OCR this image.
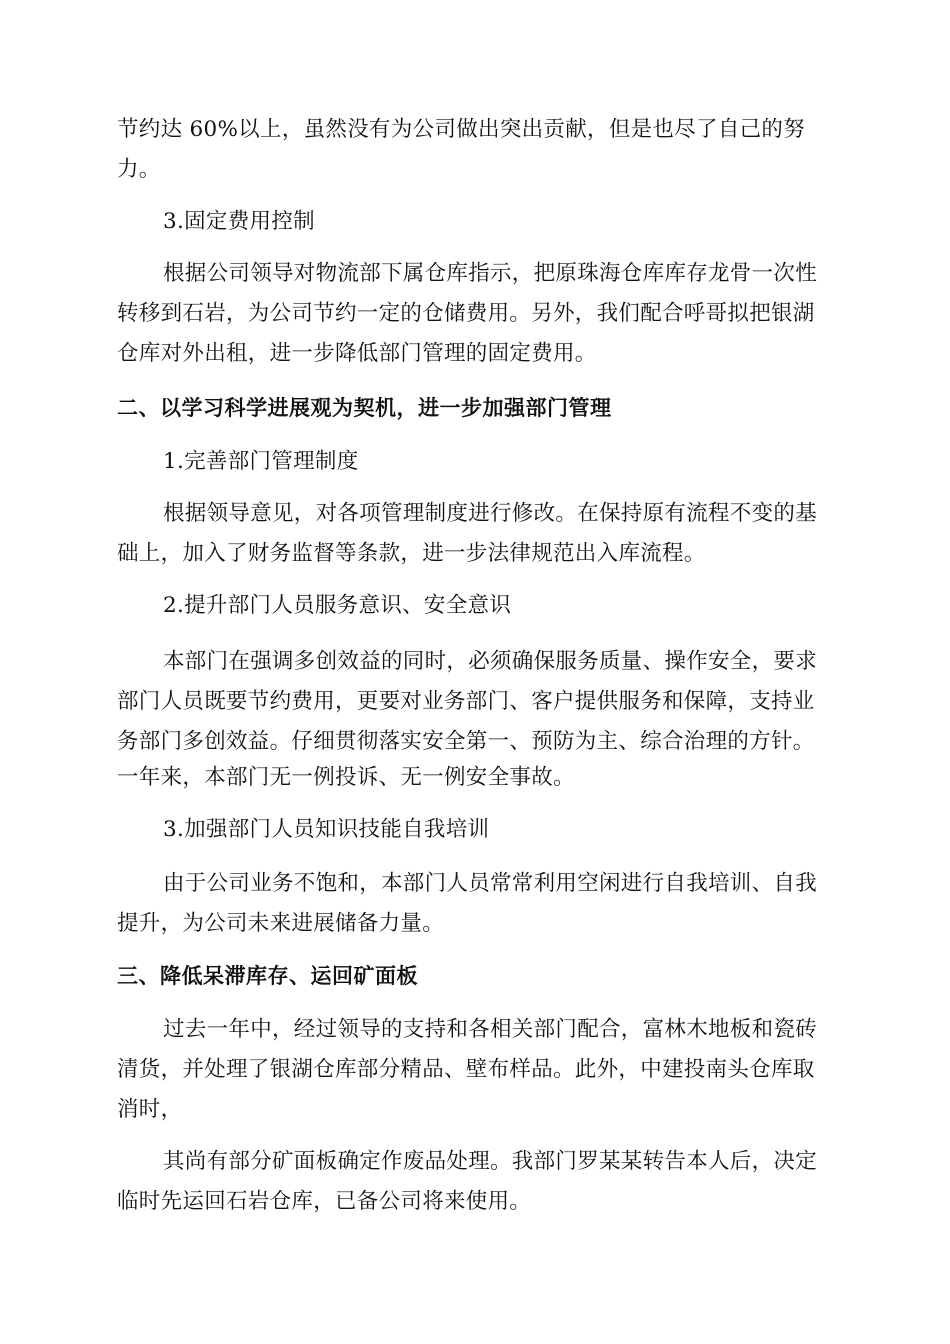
节约达 60%以上，虽然没有为公司做出突出贡献，但是也尽了自己的努
力。
3.固定费用控制
根据公司领导对物流部下属仓库指示，把原珠海仓库库存龙骨一次性
转移到石岩，为公司节约一定的仓储费用。另外，我们配合呼哥拟把银湖
仓库对外出租，进一步降低部门管理的固定费用。
二、以学习科学进展观为契机，进一步加强部门管理
1.完善部门管理制度
根据领导意见，对各项管理制度进行修改。在保持原有流程不变的基
础上，加入了财务监督等条款，进一步法律规范出入库流程。
2.提升部门人员服务意识、安全意识
本部门在强调多创效益的同时，必须确保服务质量、操作安全，要求
部门人员既要节约费用，更要对业务部门、客户提供服务和保障，支持业
务部门多创效益。仔细贯彻落实安全第一、预防为主、综合治理的方针。
一年来，本部门无一例投诉、无一例安全事故。
3.加强部门人员知识技能自我培训
由于公司业务不饱和，本部门人员常常利用空闲进行自我培训、自我
提升，为公司未来进展储备力量。
三、降低呆滞库存、运回矿面板
过去一年中，经过领导的支持和各相关部门配合，富林木地板和瓷砖
清货，并处理了银湖仓库部分精品、壁布样品。此外，中建投南头仓库取
消时，
其尚有部分矿面板确定作废品处理。我部门罗某某转告本人后，决定
临时先运回石岩仓库，已备公司将来使用。
